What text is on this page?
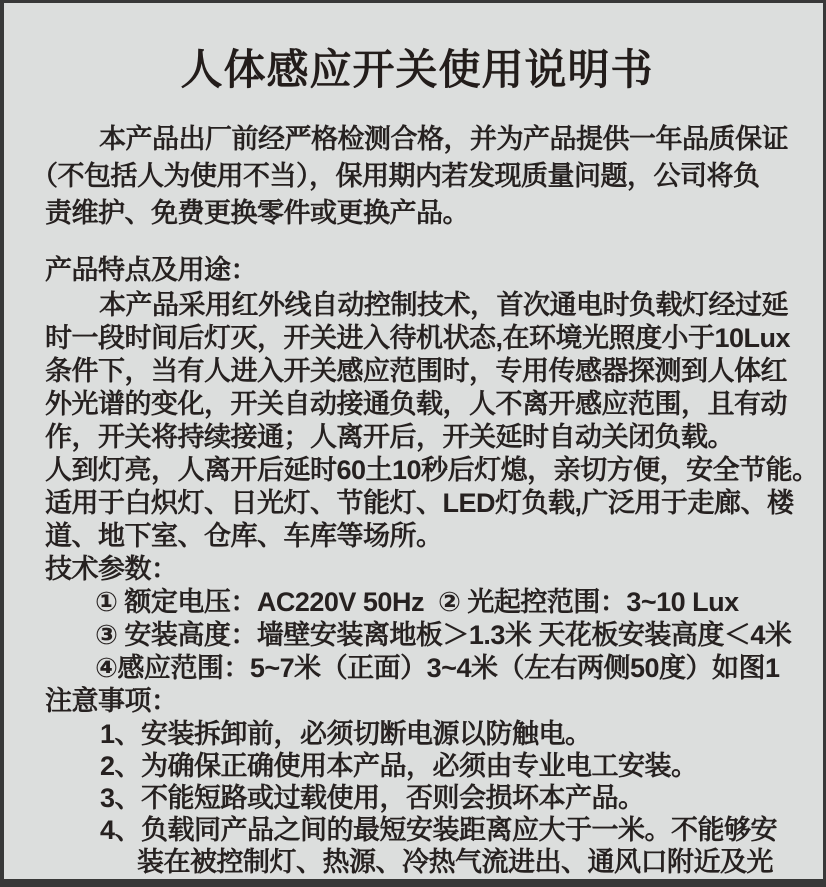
人体感应开关使用说明书

本产品出厂前经严格检测合格，并为产品提供一年品质保证

（不包括人为使用不当），保用期内若发现质量问题，公司将负

责维护、免费更换零件或更换产品。

产品特点及用途：

本产品采用红外线自动控制技术，首次通电时负载灯经过延

时一段时间后灯灭，开关进入待机状态,在环境光照度小于10Lux

条件下，当有人进入开关感应范围时，专用传感器探测到人体红

外光谱的变化，开关自动接通负载，人不离开感应范围，且有动

作，开关将持续接通；人离开后，开关延时自动关闭负载。

人到灯亮，人离开后延时60土10秒后灯熄，亲切方便，安全节能。

适用于白炽灯、日光灯、节能灯、LED灯负载,广泛用于走廊、楼

道、地下室、仓库、车库等场所。

技术参数：

① 额定电压：AC220V 50Hz  ② 光起控范围：3~10 Lux

③ 安装高度：墙壁安装离地板＞1.3米 天花板安装高度＜4米

④感应范围：5~7米（正面）3~4米（左右两侧50度）如图1

注意事项：

1、安装拆卸前，必须切断电源以防触电。

2、为确保正确使用本产品，必须由专业电工安装。

3、不能短路或过载使用，否则会损坏本产品。

4、负载同产品之间的最短安装距离应大于一米。不能够安

装在被控制灯、热源、冷热气流进出、通风口附近及光
